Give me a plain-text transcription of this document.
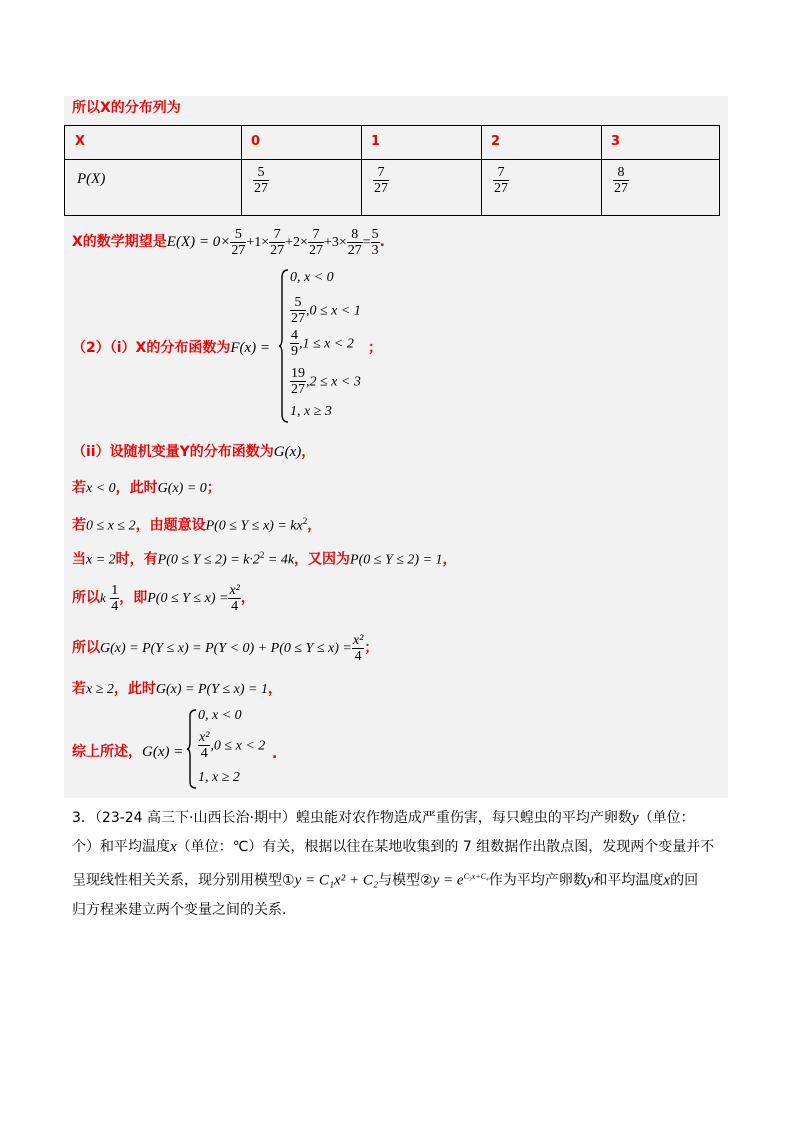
所以X的分布列为
X	0	1	2	3
P(X)	$\frac{5}{27}$	$\frac{7}{27}$	$\frac{7}{27}$	$\frac{8}{27}$
X的数学期望是$E(X) = 0\times \frac{5}{27} +1\times \frac{7}{27} +2\times \frac{7}{27} +3\times \frac{8}{27} = \frac{5}{3}$ .
（2）（i）X的分布函数为F(x) =
0, x < 0
$\frac{5}{27} ,0 \le x < 1$
$\frac{4}{9} ,1 \le x < 2$
$\frac{19}{27} ,2 \le x < 3$
1, x ≥ 3
；
（ii）设随机变量Y的分布函数为G(x)，
若x < 0，此时G(x) = 0；
若0 ≤ x ≤ 2，由题意设$P(0 \le Y \le x) = kx^2$，
当x = 2时，有$P(0 \le Y \le 2) = k\cdot 2^2 = 4k$，又因为P(0 ≤ Y ≤ 2) = 1，
所以k $\frac{1}{4}$ ，即$P(0 \le Y \le x) = \frac{\text{x²}}{4}$ ，
所以$G(x) = P(Y \le x) = P(Y < 0) + P(0 \le Y \le x) = \frac{\text{x²}}{4}$ ；
若x ≥ 2，此时G(x) = P(Y ≤ x) = 1，
综上所述，G(x) =
0, x < 0
$\frac{\text{x²}}{4} ,0 \le x < 2$
1, x ≥ 2
.
3．（23-24 高三下·山西长治·期中）蝗虫能对农作物造成严重伤害，每只蝗虫的平均产卵数y（单位：
个）和平均温度x（单位：℃）有关，根据以往在某地收集到的 7 组数据作出散点图，发现两个变量并不
呈现线性相关关系，现分别用模型①y = C₁x² + C₂与模型②y = $e^{C_3x+C_4}$作为平均产卵数y和平均温度x的回
归方程来建立两个变量之间的关系.
